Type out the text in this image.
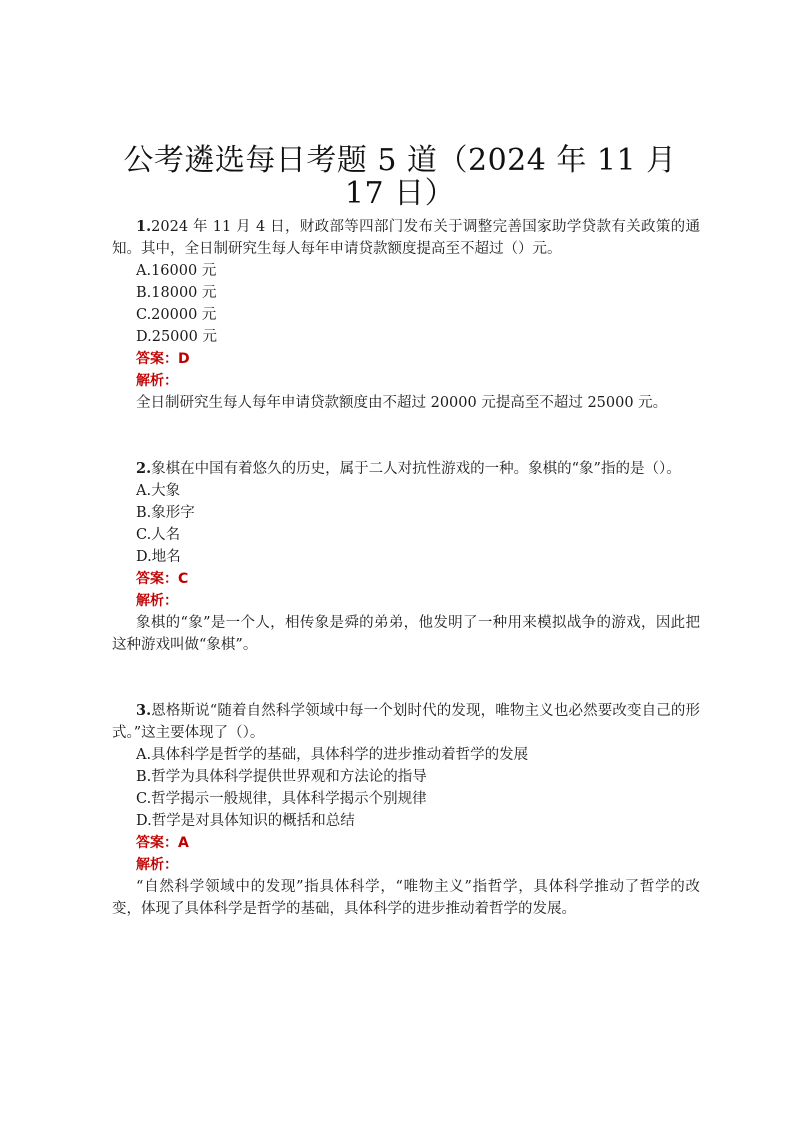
公考遴选每日考题 5 道（2024 年 11 月 17 日）

1.2024 年 11 月 4 日，财政部等四部门发布关于调整完善国家助学贷款有关政策的通知。其中，全日制研究生每人每年申请贷款额度提高至不超过（）元。

A.16000 元

B.18000 元

C.20000 元

D.25000 元

答案：D

解析：

全日制研究生每人每年申请贷款额度由不超过 20000 元提高至不超过 25000 元。

2.象棋在中国有着悠久的历史，属于二人对抗性游戏的一种。象棋的“象”指的是（）。

A.大象

B.象形字

C.人名

D.地名

答案：C

解析：

象棋的“象”是一个人，相传象是舜的弟弟，他发明了一种用来模拟战争的游戏，因此把这种游戏叫做“象棋”。

3.恩格斯说“随着自然科学领域中每一个划时代的发现，唯物主义也必然要改变自己的形式。”这主要体现了（）。

A.具体科学是哲学的基础，具体科学的进步推动着哲学的发展

B.哲学为具体科学提供世界观和方法论的指导

C.哲学揭示一般规律，具体科学揭示个别规律

D.哲学是对具体知识的概括和总结

答案：A

解析：

“自然科学领域中的发现”指具体科学，“唯物主义”指哲学，具体科学推动了哲学的改变，体现了具体科学是哲学的基础，具体科学的进步推动着哲学的发展。
